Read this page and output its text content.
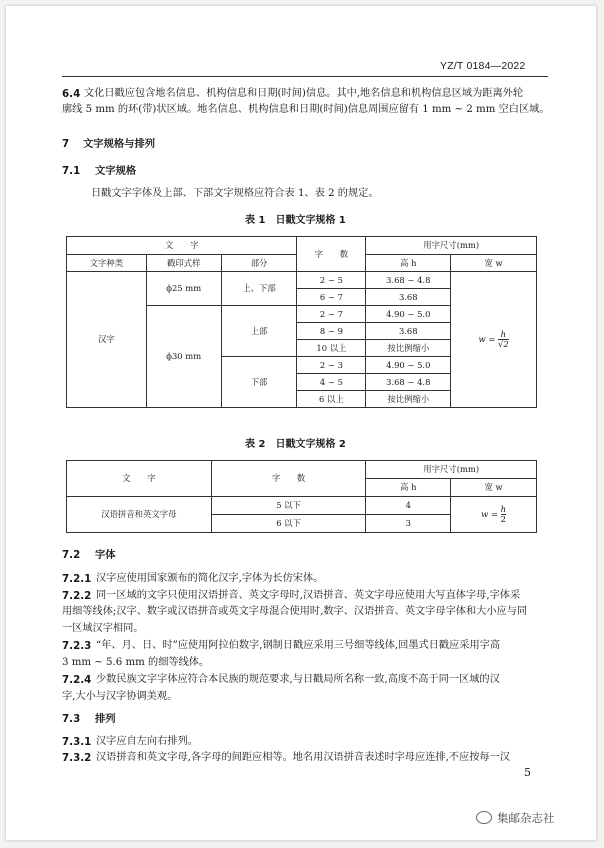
YZ/T 0184—2022
6.4 文化日戳应包含地名信息、机构信息和日期(时间)信息。其中,地名信息和机构信息区域为距离外轮
廓线 5 mm 的环(带)状区域。地名信息、机构信息和日期(时间)信息周围应留有 1 mm ~ 2 mm 空白区域。
7 文字规格与排列
7.1 文字规格
日戳文字字体及上部、下部文字规格应符合表 1、表 2 的规定。
表 1　日戳文字规格 1
文　　字			字　　数	用字尺寸(mm)	
文字种类	戳印式样	部分		高 h	宽 w
汉字	ϕ25 mm	上、下部	2 ~ 5	3.68 ~ 4.8	$w = \frac{h}{√2}$

			6 ~ 7	3.68	
	ϕ30 mm	上部	2 ~ 7	4.90 ~ 5.0	
			8 ~ 9	3.68	
			10 以上	按比例缩小	
		下部	2 ~ 3	4.90 ~ 5.0	
			4 ~ 5	3.68 ~ 4.8	
			6 以上	按比例缩小	
表 2　日戳文字规格 2
文　　字	字　　数	用字尺寸(mm)	
		高 h	宽 w
汉语拼音和英文字母	5 以下	4	$w = \frac{h}{2}$

	6 以下	3	
7.2 字体
7.2.1 汉字应使用国家颁布的简化汉字,字体为长仿宋体。
7.2.2 同一区域的文字只使用汉语拼音、英文字母时,汉语拼音、英文字母应使用大写直体字母,字体采
用细等线体;汉字、数字或汉语拼音或英文字母混合使用时,数字、汉语拼音、英文字母字体和大小应与同
一区域汉字相同。
7.2.3 “年、月、日、时”应使用阿拉伯数字,钢制日戳应采用三号细等线体,回墨式日戳应采用字高
3 mm ~ 5.6 mm 的细等线体。
7.2.4 少数民族文字字体应符合本民族的规范要求,与日戳局所名称一致,高度不高于同一区域的汉
字,大小与汉字协调美观。
7.3 排列
7.3.1 汉字应自左向右排列。
7.3.2 汉语拼音和英文字母,各字母的间距应相等。地名用汉语拼音表述时字母应连排,不应按每一汉
5
集邮杂志社
